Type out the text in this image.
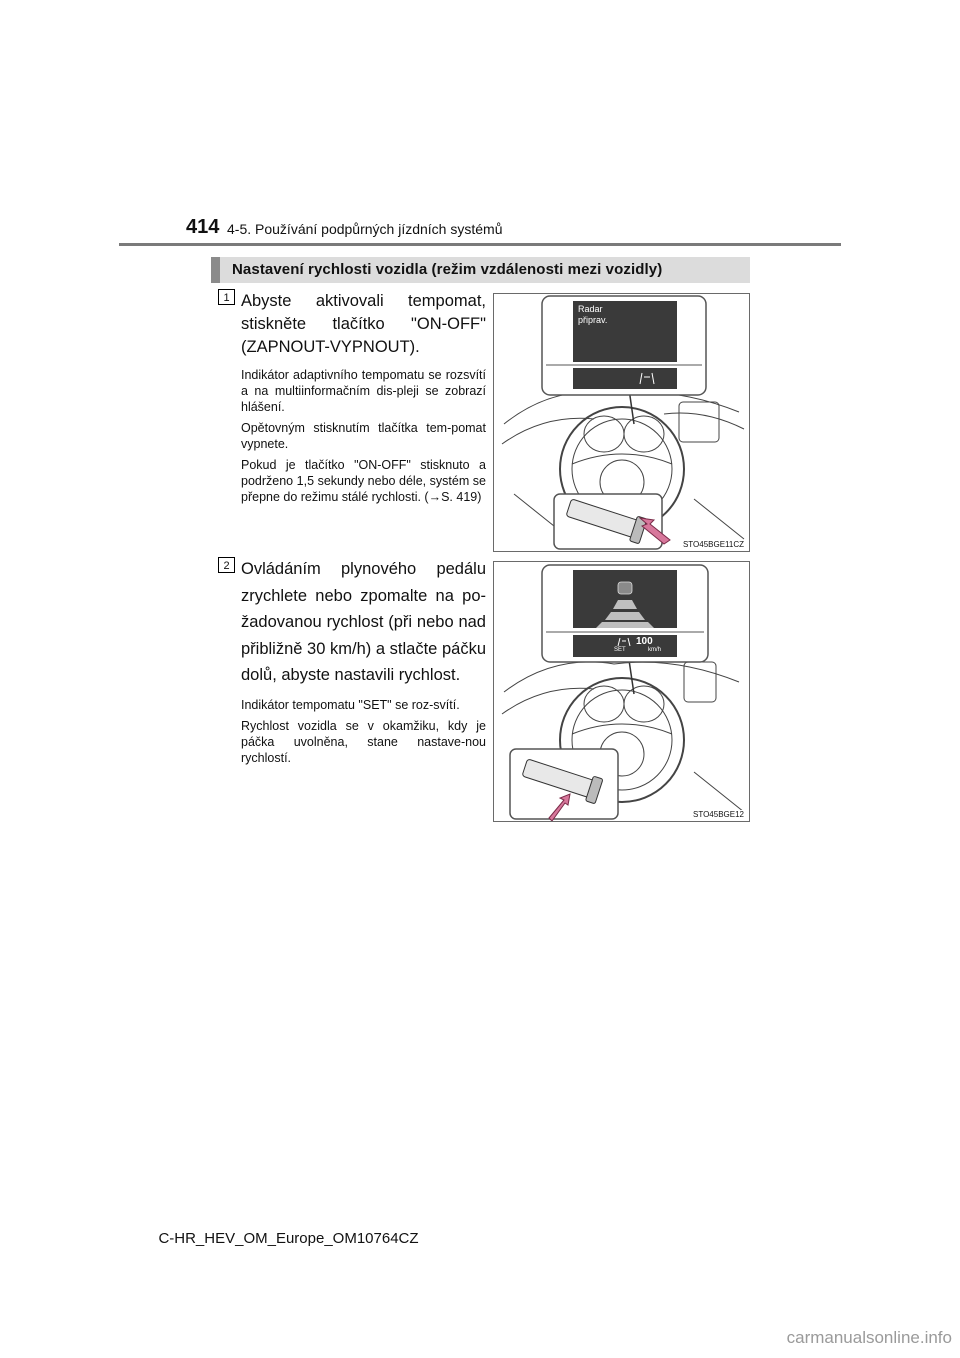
414 4-5. Používání podpůrných jízdních systémů
Nastavení rychlosti vozidla (režim vzdálenosti mezi vozidly)
1 Abyste aktivovali tempomat, stiskněte tlačítko "ON-OFF" (ZAPNOUT-VYPNOUT).

Indikátor adaptivního tempomatu se rozsvítí a na multiinformačním dis-pleji se zobrazí hlášení.

Opětovným stisknutím tlačítka tem-pomat vypnete.

Pokud je tlačítko "ON-OFF" stisknuto a podrženo 1,5 sekundy nebo déle, systém se přepne do režimu stálé rychlosti. (→S. 419)

Radar
připrav.
STO45BGE11CZ
2 Ovládáním plynového pedálu zrychlete nebo zpomalte na po-žadovanou rychlost (při nebo nad přibližně 30 km/h) a stlačte páčku dolů, abyste nastavili rychlost.

Indikátor tempomatu "SET" se roz-svítí.

Rychlost vozidla se v okamžiku, kdy je páčka uvolněna, stane nastave-nou rychlostí.

100
SET	km/h
STO45BGE12
C-HR_HEV_OM_Europe_OM10764CZ
carmanualsonline.info
